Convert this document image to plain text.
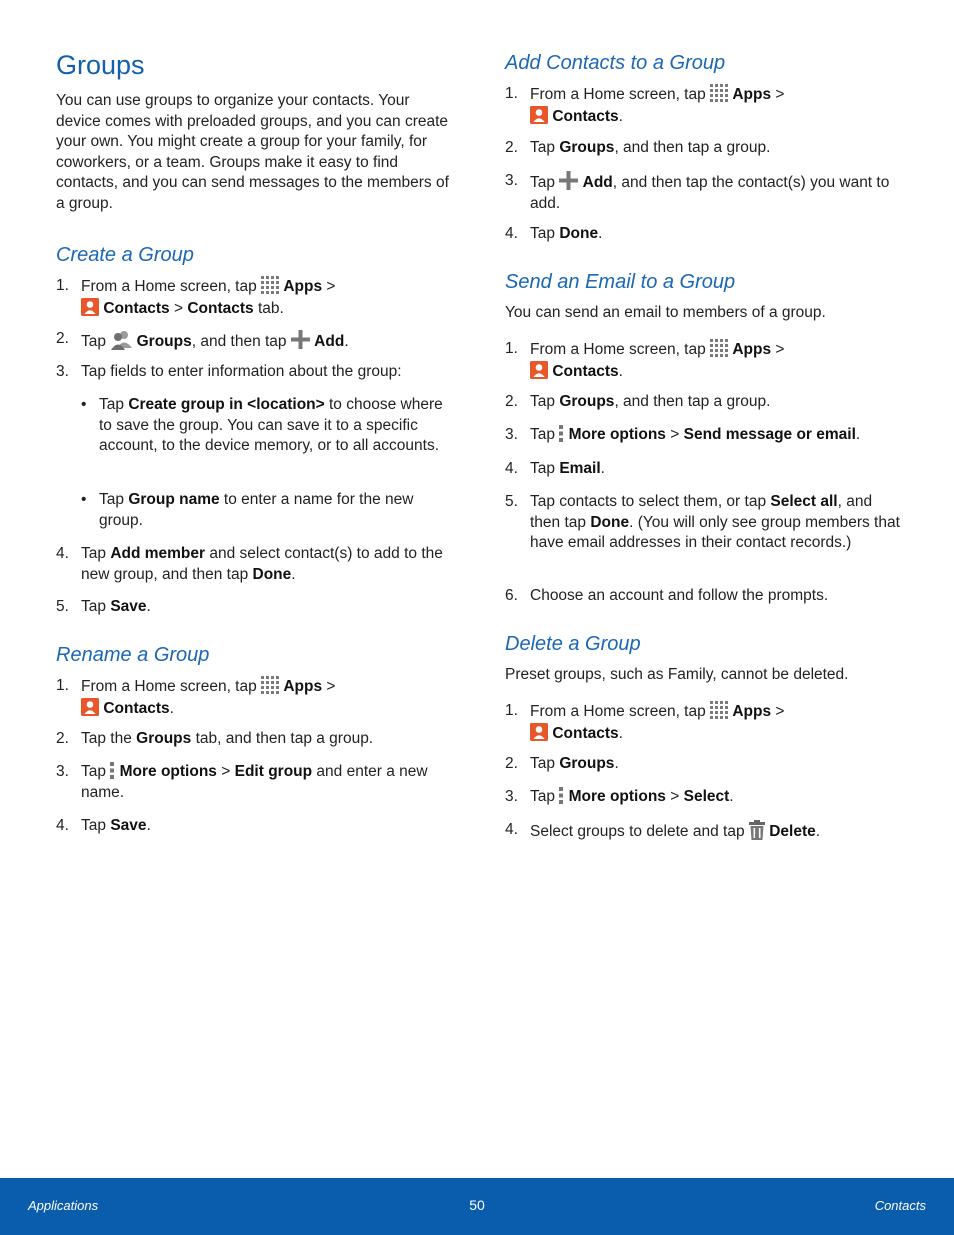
Groups

You can use groups to organize your contacts. Your device comes with preloaded groups, and you can create your own. You might create a group for your family, for coworkers, or a team. Groups make it easy to find contacts, and you can send messages to the members of a group.

Create a Group
1. From a Home screen, tap  Apps >
Contacts > Contacts tab.
2. Tap  Groups, and then tap  Add.
3. Tap fields to enter information about the group:
• Tap Create group in <location> to choose where to save the group. You can save it to a specific account, to the device memory, or to all accounts.
• Tap Group name to enter a name for the new group.
4. Tap Add member and select contact(s) to add to the new group, and then tap Done.
5. Tap Save.
Rename a Group
1. From a Home screen, tap  Apps >
Contacts.
2. Tap the Groups tab, and then tap a group.
3. Tap  More options > Edit group and enter a new name.
4. Tap Save.
Add Contacts to a Group
1. From a Home screen, tap  Apps >
Contacts.
2. Tap Groups, and then tap a group.
3. Tap  Add, and then tap the contact(s) you want to add.
4. Tap Done.
Send an Email to a Group

You can send an email to members of a group.

1. From a Home screen, tap  Apps >
Contacts.
2. Tap Groups, and then tap a group.
3. Tap  More options > Send message or email.
4. Tap Email.
5. Tap contacts to select them, or tap Select all, and then tap Done. (You will only see group members that have email addresses in their contact records.)
6. Choose an account and follow the prompts.
Delete a Group

Preset groups, such as Family, cannot be deleted.

1. From a Home screen, tap  Apps >
Contacts.
2. Tap Groups.
3. Tap  More options > Select.
4. Select groups to delete and tap  Delete.
Applications	50	Contacts
